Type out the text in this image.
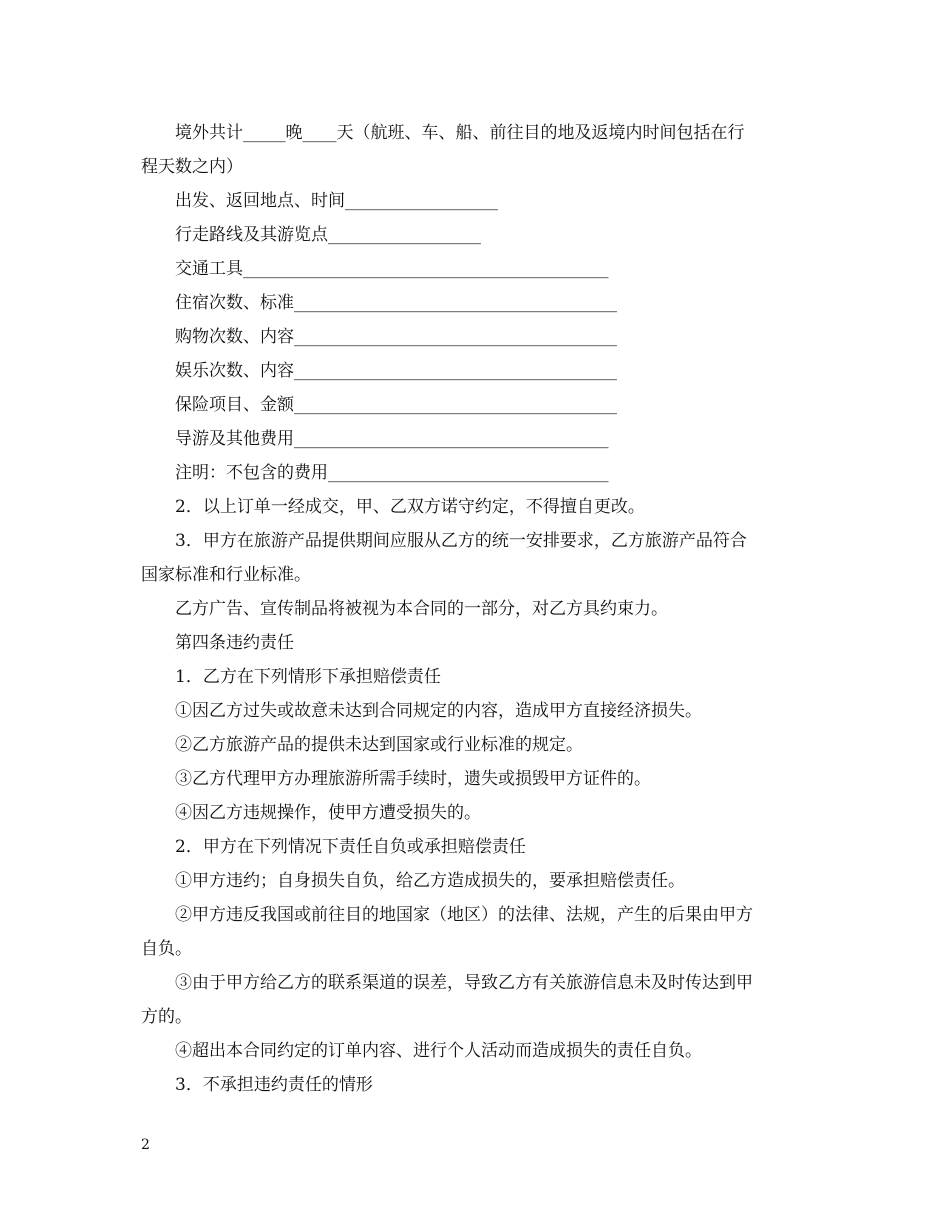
境外共计_____晚____天（航班、车、船、前往目的地及返境内时间包括在行
程天数之内）
出发、返回地点、时间__________________
行走路线及其游览点__________________
交通工具___________________________________________
住宿次数、标准______________________________________
购物次数、内容______________________________________
娱乐次数、内容______________________________________
保险项目、金额______________________________________
导游及其他费用_____________________________________
注明：不包含的费用_________________________________
2．以上订单一经成交，甲、乙双方诺守约定，不得擅自更改。
3．甲方在旅游产品提供期间应服从乙方的统一安排要求，乙方旅游产品符合
国家标准和行业标准。
乙方广告、宣传制品将被视为本合同的一部分，对乙方具约束力。
第四条违约责任
1．乙方在下列情形下承担赔偿责任
①因乙方过失或故意未达到合同规定的内容，造成甲方直接经济损失。
②乙方旅游产品的提供未达到国家或行业标准的规定。
③乙方代理甲方办理旅游所需手续时，遗失或损毁甲方证件的。
④因乙方违规操作，使甲方遭受损失的。
2．甲方在下列情况下责任自负或承担赔偿责任
①甲方违约；自身损失自负，给乙方造成损失的，要承担赔偿责任。
②甲方违反我国或前往目的地国家（地区）的法律、法规，产生的后果由甲方
自负。
③由于甲方给乙方的联系渠道的误差，导致乙方有关旅游信息未及时传达到甲
方的。
④超出本合同约定的订单内容、进行个人活动而造成损失的责任自负。
3．不承担违约责任的情形
2
